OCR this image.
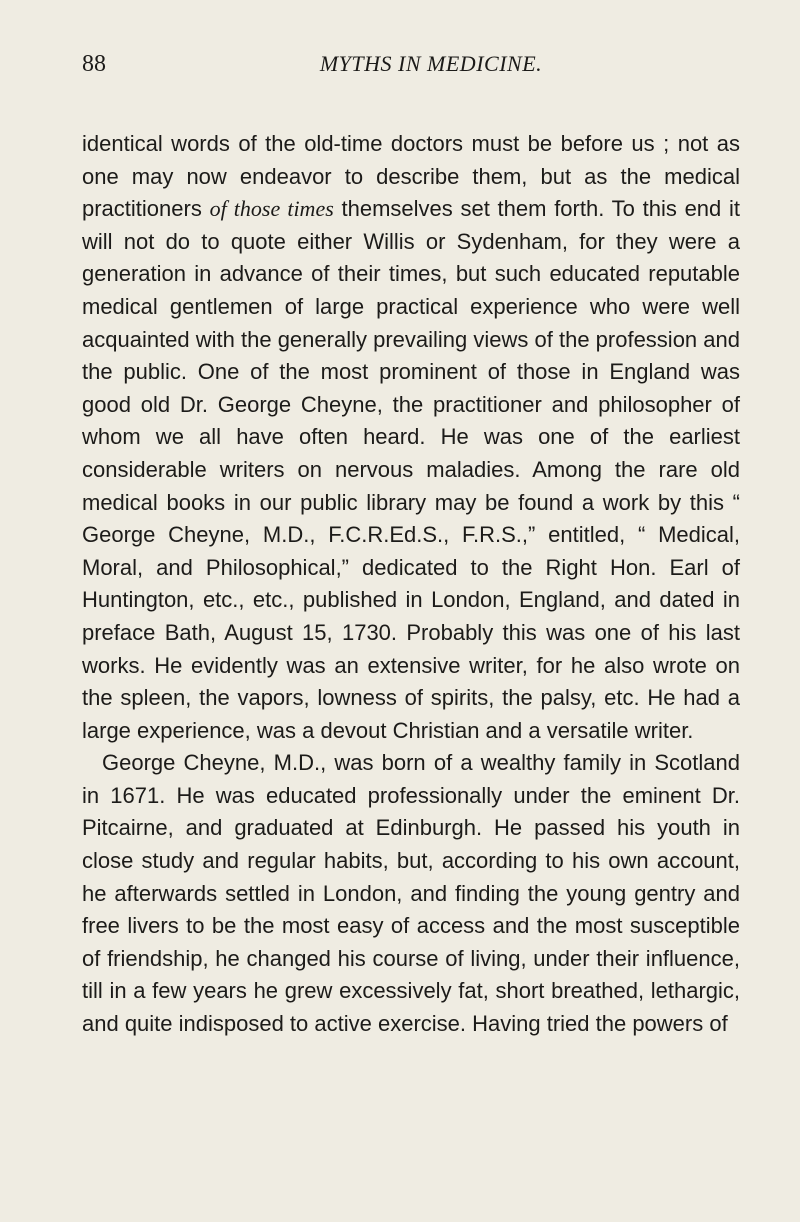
88	MYTHS IN MEDICINE.

identical words of the old-time doctors must be before us ; not as one may now endeavor to describe them, but as the medical practitioners of those times themselves set them forth. To this end it will not do to quote either Willis or Sydenham, for they were a generation in advance of their times, but such educated reputable medical gentlemen of large practical experience who were well acquainted with the generally prevailing views of the profession and the public. One of the most prominent of those in England was good old Dr. George Cheyne, the practitioner and philosopher of whom we all have often heard. He was one of the earliest considerable writers on nervous maladies. Among the rare old medical books in our public library may be found a work by this “ George Cheyne, M.D., F.C.R.Ed.S., F.R.S.,” entitled, “ Medical, Moral, and Philosophical,” dedicated to the Right Hon. Earl of Huntington, etc., etc., published in London, England, and dated in preface Bath, August 15, 1730. Probably this was one of his last works. He evidently was an extensive writer, for he also wrote on the spleen, the vapors, lowness of spirits, the palsy, etc. He had a large experience, was a devout Christian and a versatile writer.

George Cheyne, M.D., was born of a wealthy family in Scotland in 1671. He was educated professionally under the eminent Dr. Pitcairne, and graduated at Edinburgh. He passed his youth in close study and regular habits, but, according to his own account, he afterwards settled in London, and finding the young gentry and free livers to be the most easy of access and the most susceptible of friendship, he changed his course of living, under their influence, till in a few years he grew excessively fat, short breathed, lethargic, and quite indisposed to active exercise. Having tried the powers of
